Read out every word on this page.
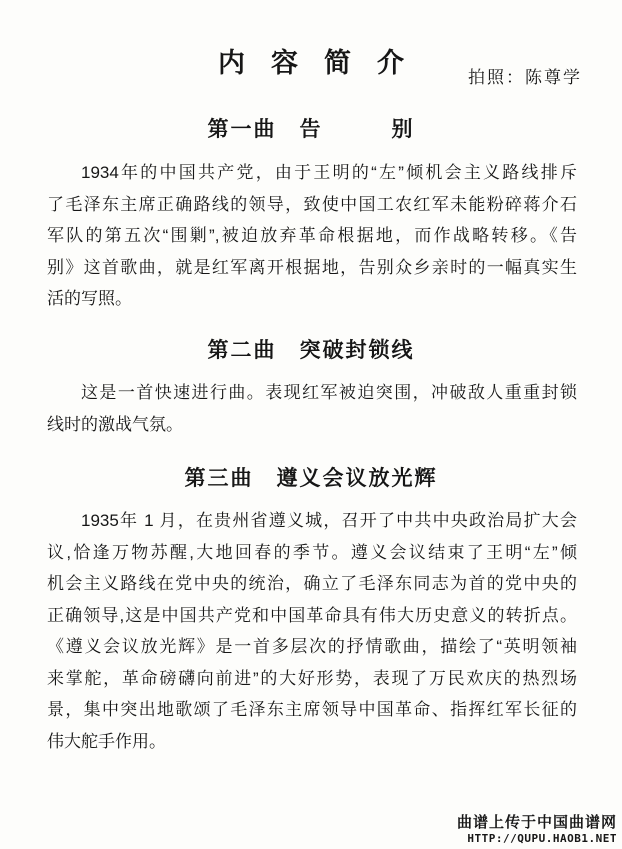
内容简介	拍照：陈尊学
第一曲　告　　　别
1934年的中国共产党，由于王明的“左”倾机会主义路线排斥
了毛泽东主席正确路线的领导，致使中国工农红军未能粉碎蒋介石
军队的第五次“围剿”,被迫放弃革命根据地，而作战略转移。《告
别》这首歌曲，就是红军离开根据地，告别众乡亲时的一幅真实生
活的写照。
第二曲　突破封锁线
这是一首快速进行曲。表现红军被迫突围，冲破敌人重重封锁
线时的激战气氛。
第三曲　遵义会议放光辉
1935年 1 月，在贵州省遵义城，召开了中共中央政治局扩大会
议,恰逢万物苏醒,大地回春的季节。遵义会议结束了王明“左”倾
机会主义路线在党中央的统治，确立了毛泽东同志为首的党中央的
正确领导,这是中国共产党和中国革命具有伟大历史意义的转折点。
《遵义会议放光辉》是一首多层次的抒情歌曲，描绘了“英明领袖
来掌舵，革命磅礴向前进”的大好形势，表现了万民欢庆的热烈场
景，集中突出地歌颂了毛泽东主席领导中国革命、指挥红军长征的
伟大舵手作用。
曲谱上传于中国曲谱网
HTTP://QUPU.HAOB1.NET
